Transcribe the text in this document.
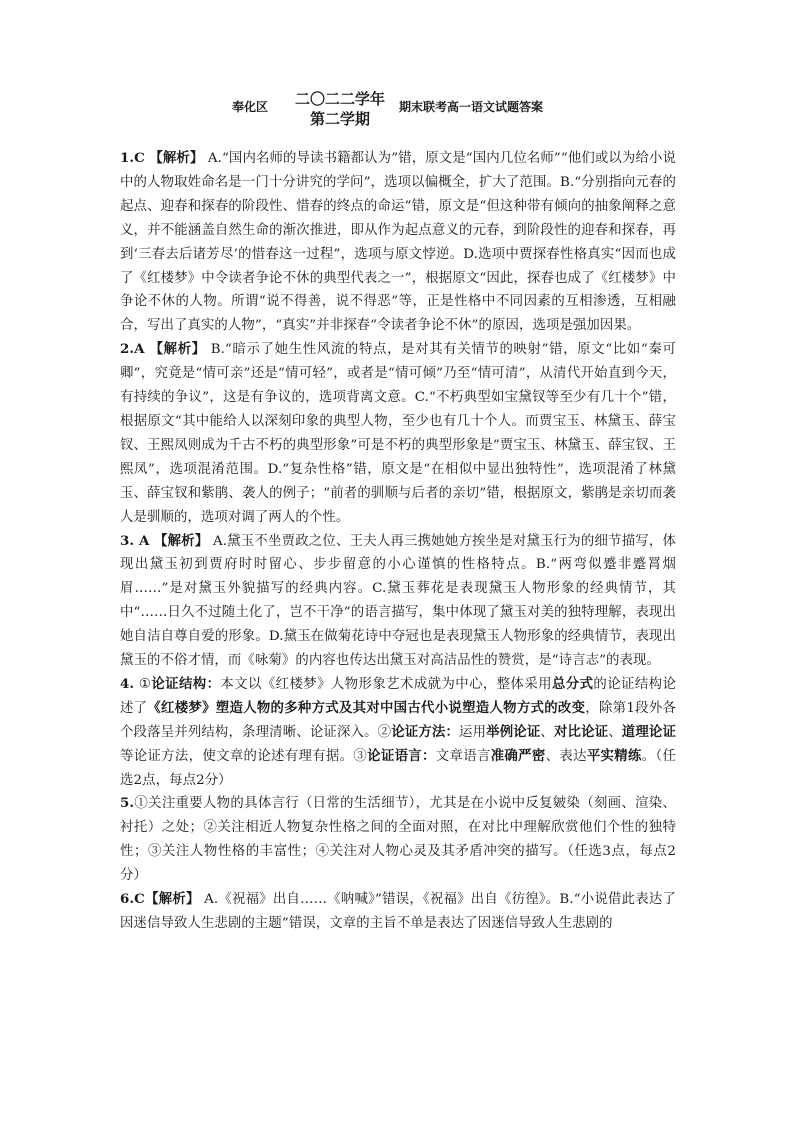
奉化区 二〇二二学年
第二学期
期末联考高一语文试题答案

1.C 【解析】 A.“国内名师的导读书籍都认为”错，原文是“国内几位名师”“他们或以为给小说中的人物取姓命名是一门十分讲究的学问”，选项以偏概全，扩大了范围。B.“分别指向元春的起点、迎春和探春的阶段性、惜春的终点的命运”错，原文是“但这种带有倾向的抽象阐释之意义，并不能涵盖自然生命的渐次推进，即从作为起点意义的元春，到阶段性的迎春和探春，再到‘三春去后诸芳尽’的惜春这一过程”，选项与原文悖逆。D.选项中贾探春性格真实“因而也成了《红楼梦》中令读者争论不休的典型代表之一”，根据原文“因此，探春也成了《红楼梦》中争论不休的人物。所谓“说不得善，说不得恶”等，正是性格中不同因素的互相渗透，互相融合，写出了真实的人物”，“真实”并非探春“令读者争论不休”的原因，选项是强加因果。

2.A 【解析】 B.“暗示了她生性风流的特点，是对其有关情节的映射”错，原文“比如“秦可卿”，究竟是“情可亲”还是“情可轻”，或者是“情可倾”乃至“情可清”，从清代开始直到今天，有持续的争议”，这是有争议的，选项背离文意。C.“不朽典型如宝黛钗等至少有几十个”错，根据原文“其中能给人以深刻印象的典型人物，至少也有几十个人。而贾宝玉、林黛玉、薛宝钗、王熙凤则成为千古不朽的典型形象”可是不朽的典型形象是“贾宝玉、林黛玉、薛宝钗、王熙凤”，选项混淆范围。D.“复杂性格”错，原文是“在相似中显出独特性”，选项混淆了林黛玉、薛宝钗和紫鹃、袭人的例子；“前者的驯顺与后者的亲切”错，根据原文，紫鹃是亲切而袭人是驯顺的，选项对调了两人的个性。

3. A 【解析】 A.黛玉不坐贾政之位、王夫人再三携她她方挨坐是对黛玉行为的细节描写，体现出黛玉初到贾府时时留心、步步留意的小心谨慎的性格特点。B.“两弯似蹙非蹙罥烟眉……”是对黛玉外貌描写的经典内容。C.黛玉葬花是表现黛玉人物形象的经典情节，其中“……日久不过随土化了，岂不干净”的语言描写，集中体现了黛玉对美的独特理解，表现出她自洁自尊自爱的形象。D.黛玉在做菊花诗中夺冠也是表现黛玉人物形象的经典情节，表现出黛玉的不俗才情，而《咏菊》的内容也传达出黛玉对高洁品性的赞赏，是“诗言志”的表现。

4. ①论证结构：本文以《红楼梦》人物形象艺术成就为中心，整体采用总分式的论证结构论述了《红楼梦》塑造人物的多种方式及其对中国古代小说塑造人物方式的改变，除第1段外各个段落呈并列结构，条理清晰、论证深入。②论证方法：运用举例论证、对比论证、道理论证等论证方法，使文章的论述有理有据。③论证语言：文章语言准确严密、表达平实精练。（任选2点，每点2分）

5.①关注重要人物的具体言行（日常的生活细节），尤其是在小说中反复皴染（刻画、渲染、衬托）之处；②关注相近人物复杂性格之间的全面对照，在对比中理解欣赏他们个性的独特性；③关注人物性格的丰富性；④关注对人物心灵及其矛盾冲突的描写。（任选3点，每点2分）

6.C【解析】 A.《祝福》出自……《呐喊》”错误，《祝福》出自《彷徨》。B.“小说借此表达了因迷信导致人生悲剧的主题”错误，文章的主旨不单是表达了因迷信导致人生悲剧的
